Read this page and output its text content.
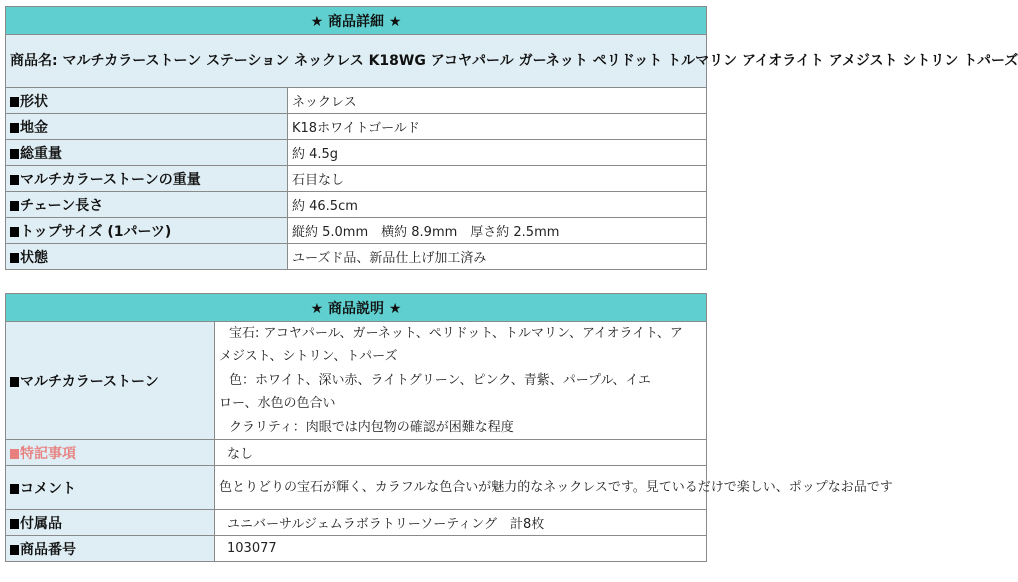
★ 商品詳細 ★	
商品名: マルチカラーストーン ステーション ネックレス K18WG アコヤパール ガーネット ペリドット トルマリン アイオライト アメジスト シトリン トパーズ	
形状	ネックレス
地金	K18ホワイトゴールド
総重量	約 4.5g
マルチカラーストーンの重量	石目なし
チェーン長さ	約 46.5cm
トップサイズ (1パーツ)	縦約 5.0mm　横約 8.9mm　厚さ約 2.5mm
状態	ユーズド品、新品仕上げ加工済み
★ 商品説明 ★	
マルチカラーストーン	宝石: アコヤパール、ガーネット、ペリドット、トルマリン、アイオライト、ア
メジスト、シトリン、トパーズ
色：ホワイト、深い赤、ライトグリーン、ピンク、青紫、パープル、イエ
ロー、水色の色合い
クラリティ：肉眼では内包物の確認が困難な程度

特記事項	なし
コメント	色とりどりの宝石が輝く、カラフルな色合いが魅力的なネックレスです。見ているだけで楽しい、ポップなお品です
付属品	ユニバーサルジェムラボラトリーソーティング　計8枚
商品番号	103077
